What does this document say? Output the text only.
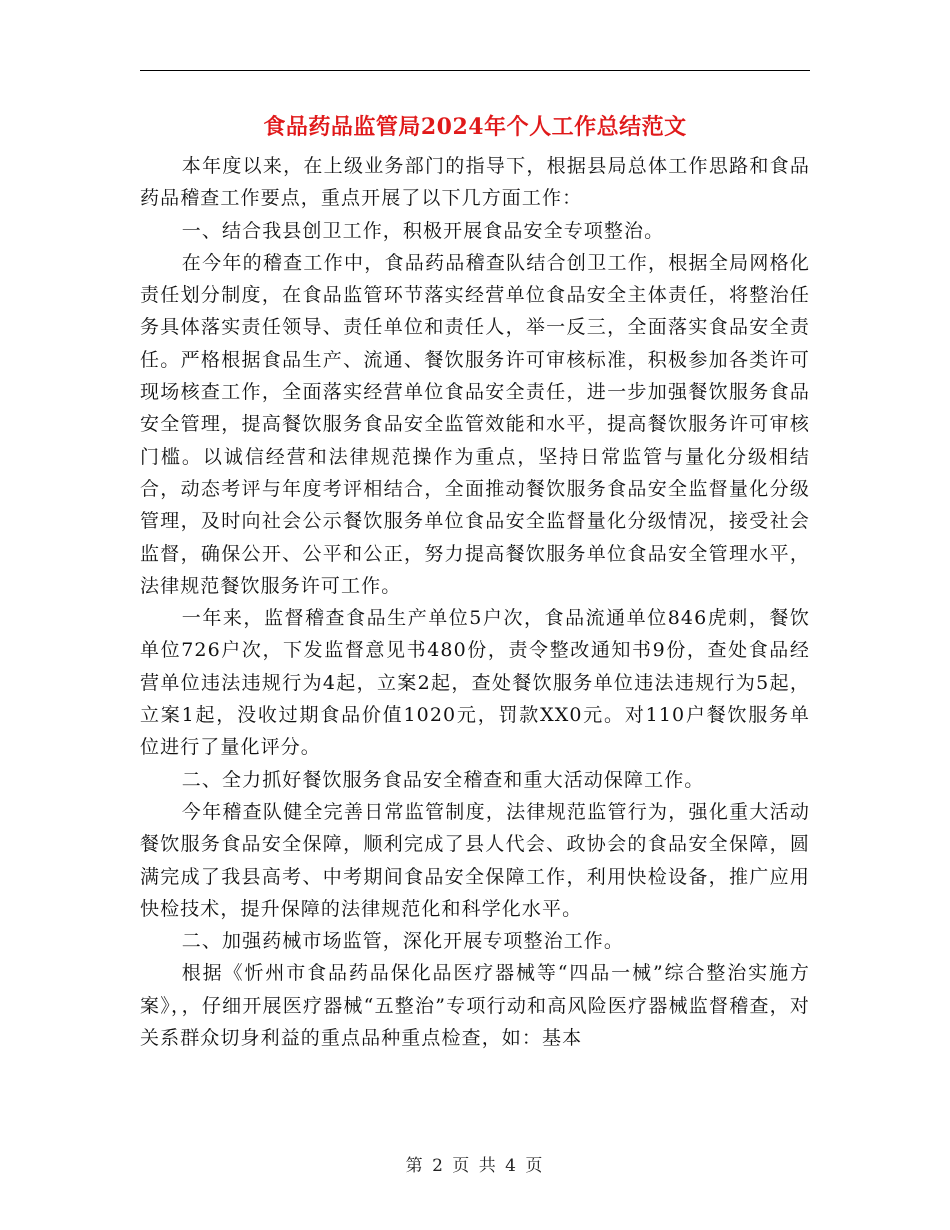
食品药品监管局2024年个人工作总结范文

本年度以来，在上级业务部门的指导下，根据县局总体工作思路和食品药品稽查工作要点，重点开展了以下几方面工作：

一、结合我县创卫工作，积极开展食品安全专项整治。

在今年的稽查工作中，食品药品稽查队结合创卫工作，根据全局网格化责任划分制度，在食品监管环节落实经营单位食品安全主体责任，将整治任务具体落实责任领导、责任单位和责任人，举一反三，全面落实食品安全责任。严格根据食品生产、流通、餐饮服务许可审核标准，积极参加各类许可现场核查工作，全面落实经营单位食品安全责任，进一步加强餐饮服务食品安全管理，提高餐饮服务食品安全监管效能和水平，提高餐饮服务许可审核门槛。以诚信经营和法律规范操作为重点，坚持日常监管与量化分级相结合，动态考评与年度考评相结合，全面推动餐饮服务食品安全监督量化分级管理，及时向社会公示餐饮服务单位食品安全监督量化分级情况，接受社会监督，确保公开、公平和公正，努力提高餐饮服务单位食品安全管理水平，法律规范餐饮服务许可工作。

一年来，监督稽查食品生产单位5户次，食品流通单位846虎刺，餐饮单位726户次，下发监督意见书480份，责令整改通知书9份，查处食品经营单位违法违规行为4起，立案2起，查处餐饮服务单位违法违规行为5起，立案1起，没收过期食品价值1020元，罚款XX0元。对110户餐饮服务单位进行了量化评分。

二、全力抓好餐饮服务食品安全稽查和重大活动保障工作。

今年稽查队健全完善日常监管制度，法律规范监管行为，强化重大活动餐饮服务食品安全保障，顺利完成了县人代会、政协会的食品安全保障，圆满完成了我县高考、中考期间食品安全保障工作，利用快检设备，推广应用快检技术，提升保障的法律规范化和科学化水平。

二、加强药械市场监管，深化开展专项整治工作。

根据《忻州市食品药品保化品医疗器械等“四品一械”综合整治实施方案》，，仔细开展医疗器械“五整治”专项行动和高风险医疗器械监督稽查，对关系群众切身利益的重点品种重点检查，如：基本

第 2 页 共 4 页
